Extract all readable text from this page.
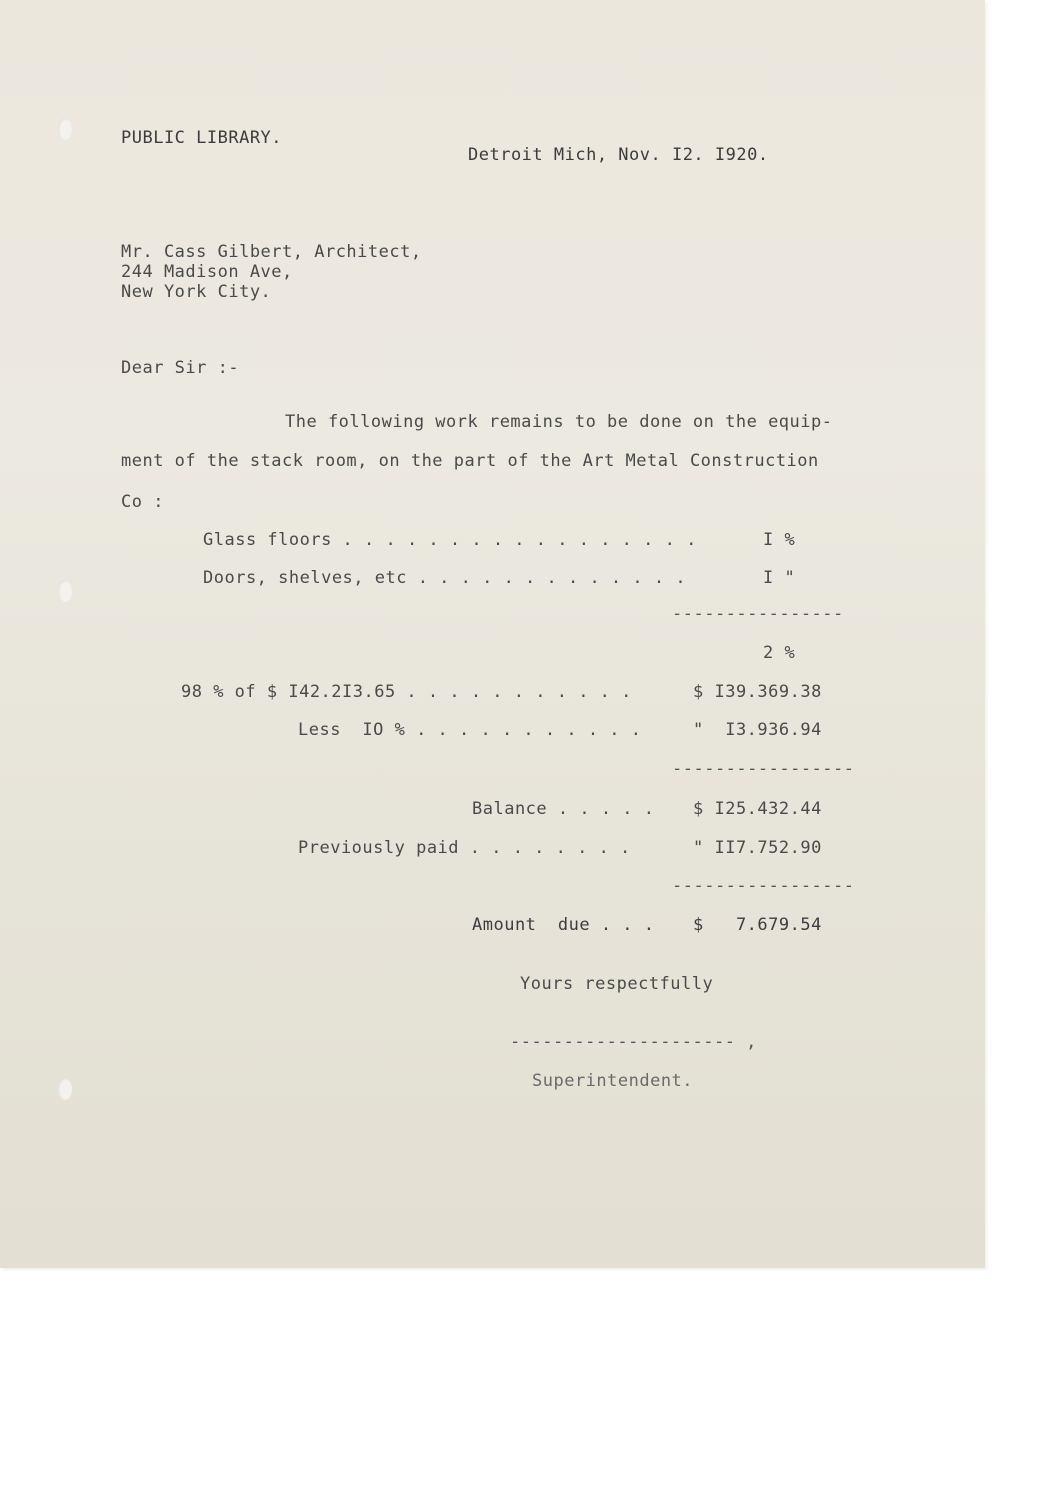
PUBLIC LIBRARY.

Detroit Mich, Nov. I2. I920.

Mr. Cass Gilbert, Architect,

244 Madison Ave,

New York City.

Dear Sir :-

The following work remains to be done on the equip-

ment of the stack room, on the part of the Art Metal Construction

Co :

Glass floors . . . . . . . . . . . . . . . . .	I %

Doors, shelves, etc . . . . . . . . . . . . .	I "

----------------

2 %

98 % of $ I42.2I3.65 . . . . . . . . . . .	$ I39.369.38

Less  IO % . . . . . . . . . . .	"  I3.936.94

-----------------

Balance . . . . . $ I25.432.44

Previously paid . . . . . . . .	" II7.752.90

-----------------

Amount  due . . . $   7.679.54

Yours respectfully

--------------------- ,

Superintendent.
